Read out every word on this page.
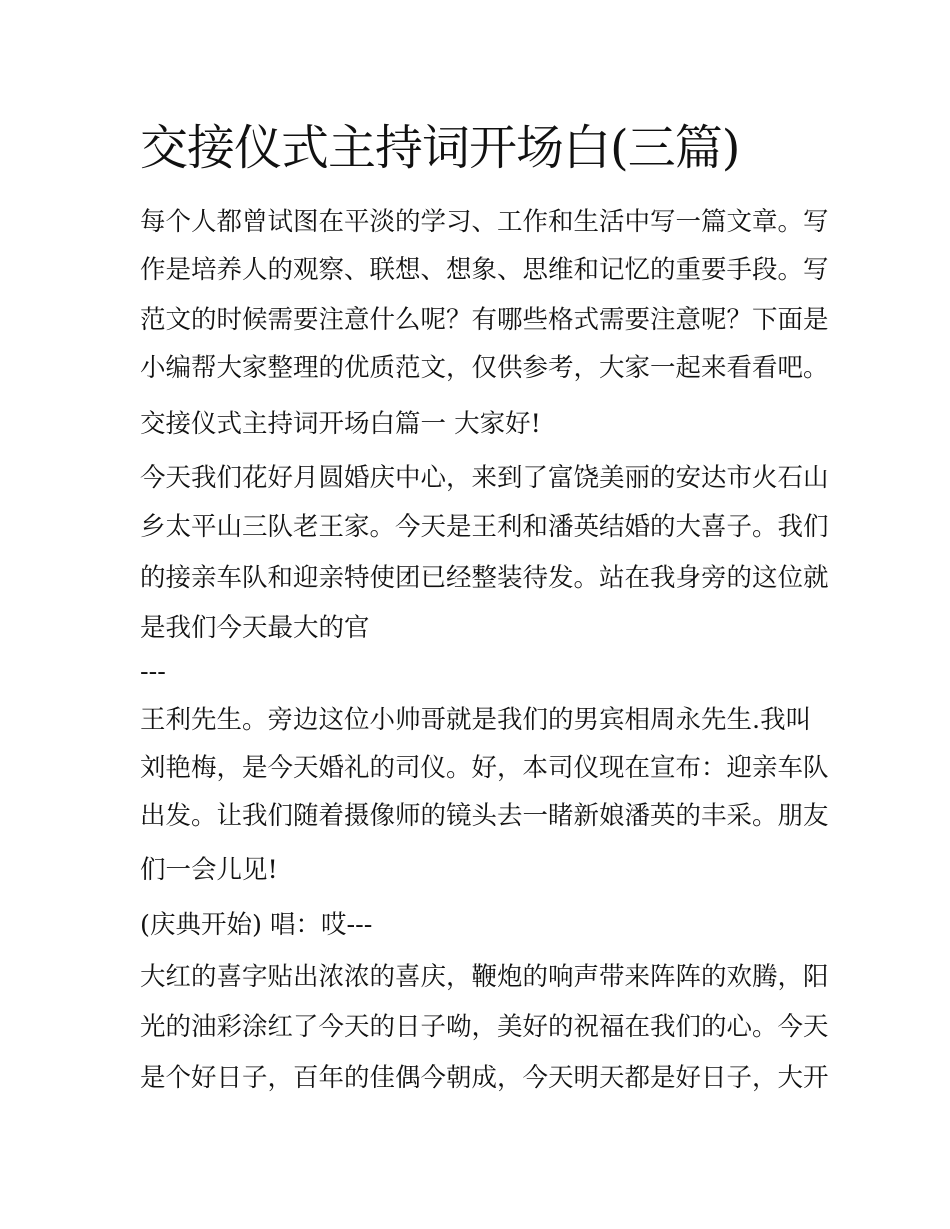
交接仪式主持词开场白(三篇)
每个人都曾试图在平淡的学习、工作和生活中写一篇文章。写
作是培养人的观察、联想、想象、思维和记忆的重要手段。写
范文的时候需要注意什么呢？有哪些格式需要注意呢？下面是
小编帮大家整理的优质范文，仅供参考，大家一起来看看吧。
交接仪式主持词开场白篇一 大家好!
今天我们花好月圆婚庆中心，来到了富饶美丽的安达市火石山
乡太平山三队老王家。今天是王利和潘英结婚的大喜子。我们
的接亲车队和迎亲特使团已经整装待发。站在我身旁的这位就
是我们今天最大的官
---
王利先生。旁边这位小帅哥就是我们的男宾相周永先生.我叫
刘艳梅，是今天婚礼的司仪。好，本司仪现在宣布：迎亲车队
出发。让我们随着摄像师的镜头去一睹新娘潘英的丰采。朋友
们一会儿见!
(庆典开始) 唱：哎---
大红的喜字贴出浓浓的喜庆，鞭炮的响声带来阵阵的欢腾，阳
光的油彩涂红了今天的日子呦，美好的祝福在我们的心。今天
是个好日子，百年的佳偶今朝成，今天明天都是好日子，大开
